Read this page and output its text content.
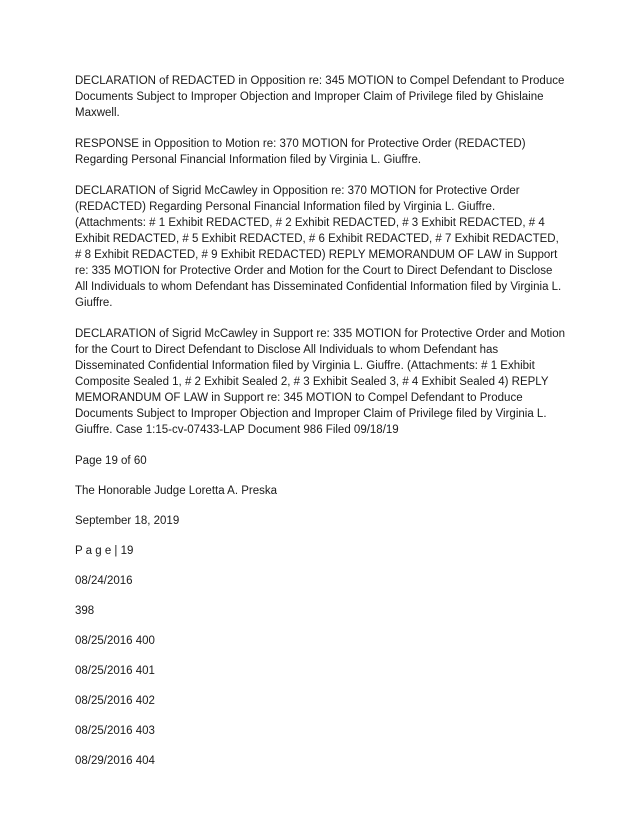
DECLARATION of REDACTED in Opposition re: 345 MOTION to Compel Defendant to Produce Documents Subject to Improper Objection and Improper Claim of Privilege filed by Ghislaine Maxwell.

RESPONSE in Opposition to Motion re: 370 MOTION for Protective Order (REDACTED) Regarding Personal Financial Information filed by Virginia L. Giuffre.

DECLARATION of Sigrid McCawley in Opposition re: 370 MOTION for Protective Order (REDACTED) Regarding Personal Financial Information filed by Virginia L. Giuffre. (Attachments: # 1 Exhibit REDACTED, # 2 Exhibit REDACTED, # 3 Exhibit REDACTED, # 4 Exhibit REDACTED, # 5 Exhibit REDACTED, # 6 Exhibit REDACTED, # 7 Exhibit REDACTED, # 8 Exhibit REDACTED, # 9 Exhibit REDACTED) REPLY MEMORANDUM OF LAW in Support re: 335 MOTION for Protective Order and Motion for the Court to Direct Defendant to Disclose All Individuals to whom Defendant has Disseminated Confidential Information filed by Virginia L. Giuffre.

DECLARATION of Sigrid McCawley in Support re: 335 MOTION for Protective Order and Motion for the Court to Direct Defendant to Disclose All Individuals to whom Defendant has Disseminated Confidential Information filed by Virginia L. Giuffre. (Attachments: # 1 Exhibit Composite Sealed 1, # 2 Exhibit Sealed 2, # 3 Exhibit Sealed 3, # 4 Exhibit Sealed 4) REPLY MEMORANDUM OF LAW in Support re: 345 MOTION to Compel Defendant to Produce Documents Subject to Improper Objection and Improper Claim of Privilege filed by Virginia L. Giuffre. Case 1:15-cv-07433-LAP Document 986 Filed 09/18/19

Page 19 of 60

The Honorable Judge Loretta A. Preska

September 18, 2019

P a g e | 19

08/24/2016

398

08/25/2016 400

08/25/2016 401

08/25/2016 402

08/25/2016 403

08/29/2016 404
